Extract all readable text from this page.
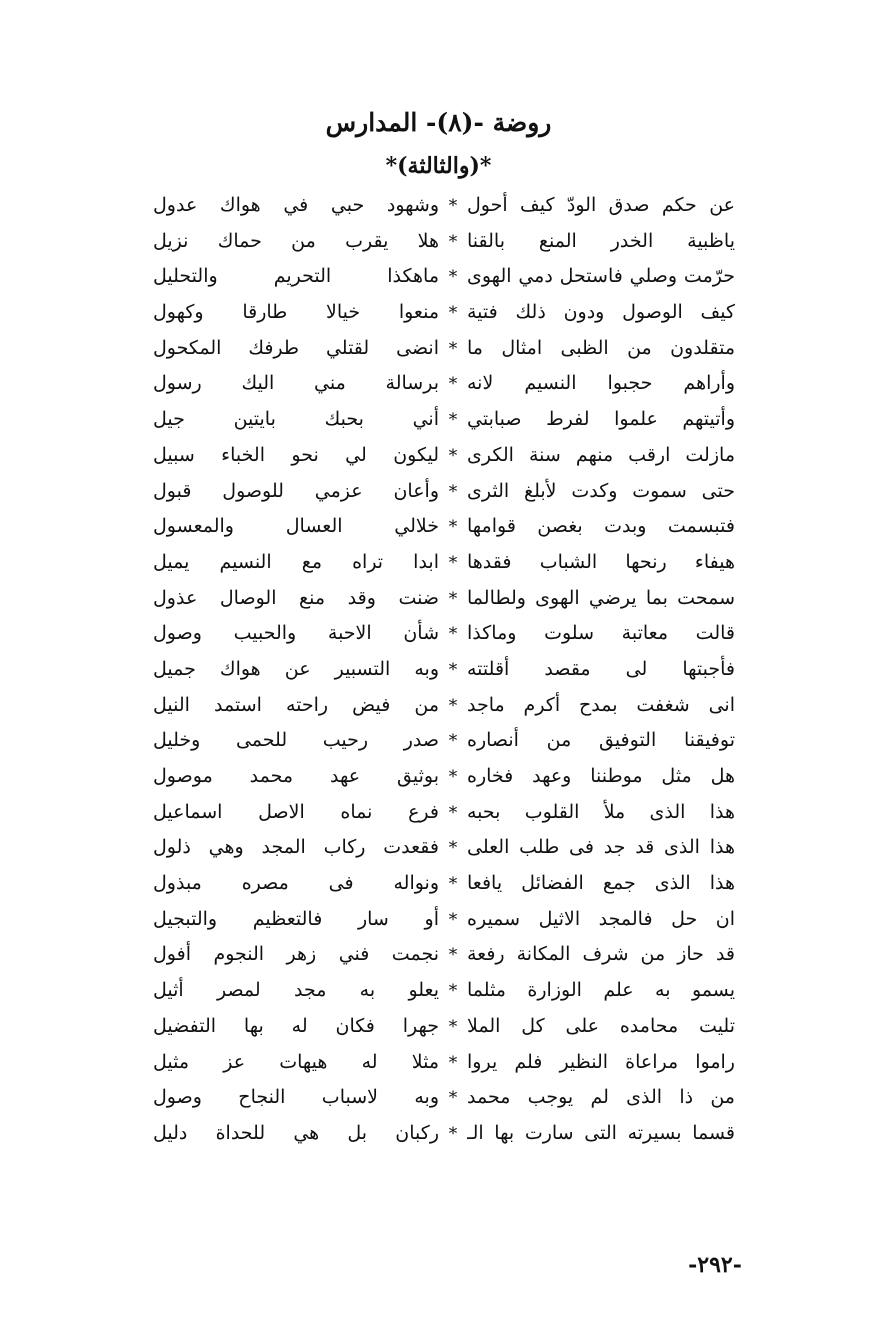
روضة -(٨)- المدارس
*(والثالثة)*
عن حكم صدق الودّ كيف أحول
*
وشهود حبي في هواك عدول
ياظبية الخدر المنع بالقنا
*
هلا يقرب من حماك نزيل
حرّمت وصلي فاستحل دمي الهوى
*
ماهكذا التحريم والتحليل
كيف الوصول ودون ذلك فتية
*
منعوا خيالا طارقا وكهول
متقلدون من الظبى امثال ما
*
انضى لقتلي طرفك المكحول
وأراهم حجبوا النسيم لانه
*
برسالة مني اليك رسول
وأتيتهم علموا لفرط صبابتي
*
أني بحبك بايتين جيل
مازلت ارقب منهم سنة الكرى
*
ليكون لي نحو الخباء سبيل
حتى سموت وكدت لأبلغ الثرى
*
وأعان عزمي للوصول قبول
فتبسمت وبدت بغصن قوامها
*
خلالي العسال والمعسول
هيفاء رنحها الشباب فقدها
*
ابدا تراه مع النسيم يميل
سمحت بما يرضي الهوى ولطالما
*
ضنت وقد منع الوصال عذول
قالت معاتبة سلوت وماكذا
*
شأن الاحبة والحبيب وصول
فأجبتها لى مقصد أقلتته
*
وبه التسبير عن هواك جميل
انى شغفت بمدح أكرم ماجد
*
من فيض راحته استمد النيل
توفيقنا التوفيق من أنصاره
*
صدر رحيب للحمى وخليل
هل مثل موطننا وعهد فخاره
*
بوثيق عهد محمد موصول
هذا الذى ملأ القلوب بحبه
*
فرع نماه الاصل اسماعيل
هذا الذى قد جد فى طلب العلى
*
فقعدت ركاب المجد وهي ذلول
هذا الذى جمع الفضائل يافعا
*
ونواله فى مصره مبذول
ان حل فالمجد الاثيل سميره
*
أو سار فالتعظيم والتبجيل
قد حاز من شرف المكانة رفعة
*
نجمت فني زهر النجوم أفول
يسمو به علم الوزارة مثلما
*
يعلو به مجد لمصر أثيل
تليت محامده على كل الملا
*
جهرا فكان له بها التفضيل
راموا مراعاة النظير فلم يروا
*
مثلا له هيهات عز مثيل
من ذا الذى لم يوجب محمد
*
وبه لاسباب النجاح وصول
قسما بسيرته التى سارت بها الـ
*
ركبان بل هي للحداة دليل
-٢٩٢-
